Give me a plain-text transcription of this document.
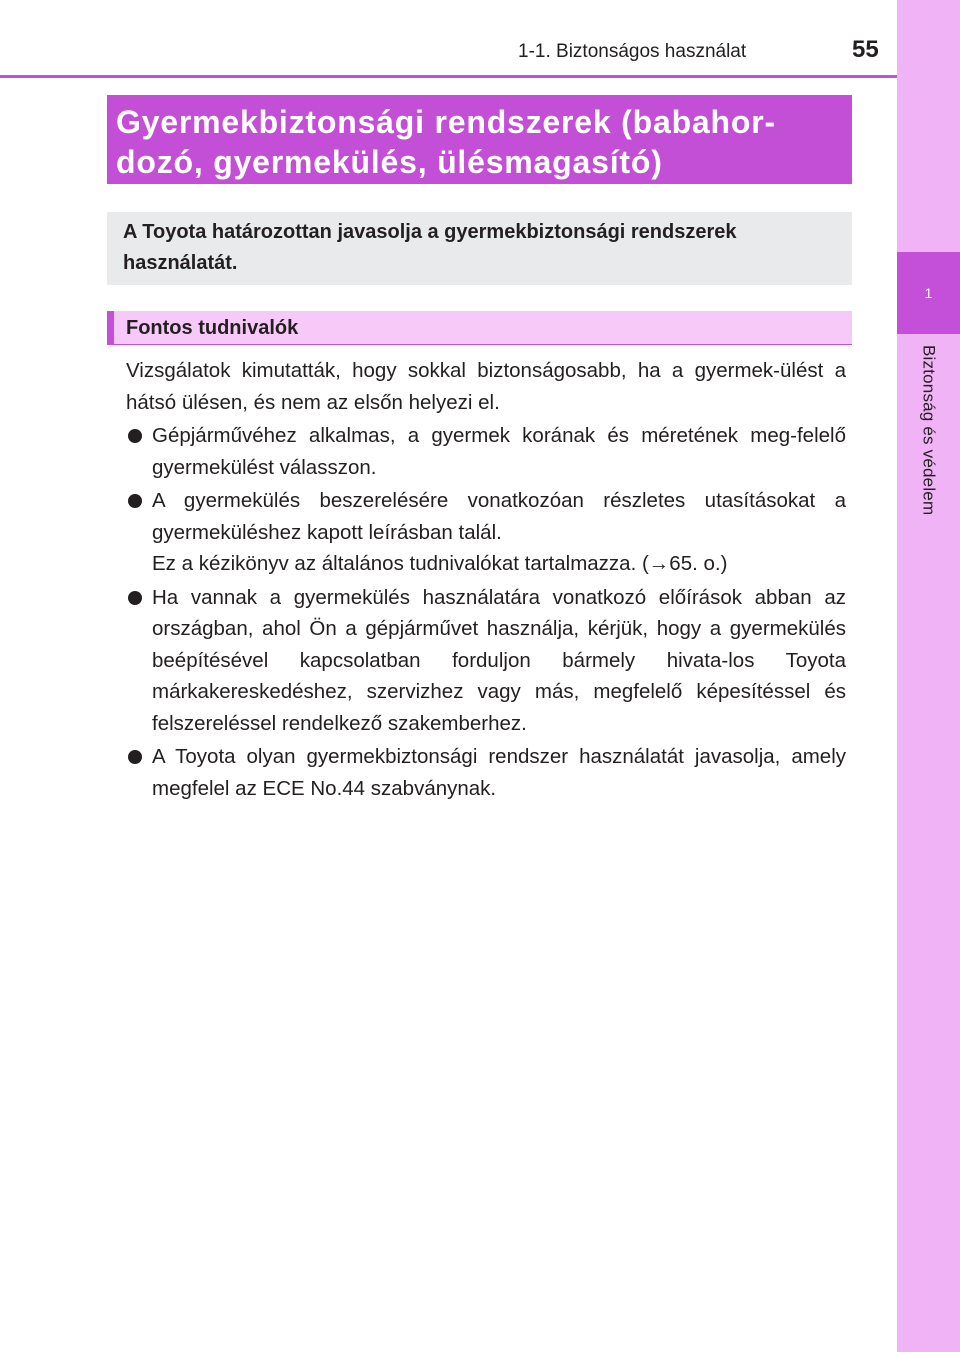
1
Biztonság és védelem
1-1. Biztonságos használat	55
Gyermekbiztonsági rendszerek (babahor-
dozó, gyermekülés, ülésmagasító)
A Toyota határozottan javasolja a gyermekbiztonsági rendszerek használatát.
Fontos tudnivalók

Vizsgálatok kimutatták, hogy sokkal biztonságosabb, ha a gyermek-ülést a hátsó ülésen, és nem az elsőn helyezi el.

Gépjárművéhez alkalmas, a gyermek korának és méretének meg-felelő gyermekülést válasszon.
A gyermekülés beszerelésére vonatkozóan részletes utasításokat a gyermeküléshez kapott leírásban talál.
Ez a kézikönyv az általános tudnivalókat tartalmazza. (→65. o.)
Ha vannak a gyermekülés használatára vonatkozó előírások abban az országban, ahol Ön a gépjárművet használja, kérjük, hogy a gyermekülés beépítésével kapcsolatban forduljon bármely hivata-los Toyota márkakereskedéshez, szervizhez vagy más, megfelelő képesítéssel és felszereléssel rendelkező szakemberhez.
A Toyota olyan gyermekbiztonsági rendszer használatát javasolja, amely megfelel az ECE No.44 szabványnak.
